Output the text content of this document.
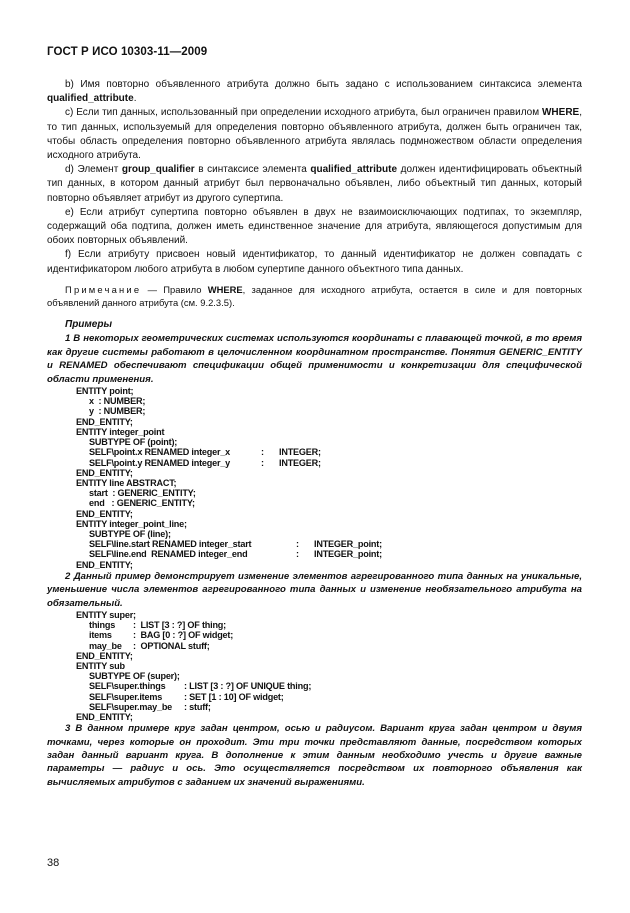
ГОСТ Р ИСО 10303-11—2009

b) Имя повторно объявленного атрибута должно быть задано с использованием синтаксиса элемента qualified_attribute.

c) Если тип данных, использованный при определении исходного атрибута, был ограничен правилом WHERE, то тип данных, используемый для определения повторно объявленного атрибута, должен быть ограничен так, чтобы область определения повторно объявленного атрибута являлась подмножеством области определения исходного атрибута.

d) Элемент group_qualifier в синтаксисе элемента qualified_attribute должен идентифицировать объектный тип данных, в котором данный атрибут был первоначально объявлен, либо объектный тип данных, который повторно объявляет атрибут из другого супертипа.

e) Если атрибут супертипа повторно объявлен в двух не взаимоисключающих подтипах, то экземпляр, содержащий оба подтипа, должен иметь единственное значение для атрибута, являющегося допустимым для обоих повторных объявлений.

f) Если атрибуту присвоен новый идентификатор, то данный идентификатор не должен совпадать с идентификатором любого атрибута в любом супертипе данного объектного типа данных.

Примечание — Правило WHERE, заданное для исходного атрибута, остается в силе и для повторных объявлений данного атрибута (см. 9.2.3.5).

Примеры

1 В некоторых геометрических системах используются координаты с плавающей точкой, в то время как другие системы работают в целочисленном координатном пространстве. Понятия GENERIC_ENTITY и RENAMED обеспечивают спецификации общей применимости и конкретизации для специфической области применения.

ENTITY point;
x  : NUMBER;
y  : NUMBER;
END_ENTITY;
ENTITY integer_point
SUBTYPE OF (point);
SELF\point.x RENAMED integer_x	: INTEGER;
SELF\point.y RENAMED integer_y	: INTEGER;
END_ENTITY;
ENTITY line ABSTRACT;
start  : GENERIC_ENTITY;
end   : GENERIC_ENTITY;
END_ENTITY;
ENTITY integer_point_line;
SUBTYPE OF (line);
SELF\line.start RENAMED integer_start	: INTEGER_point;
SELF\line.end  RENAMED integer_end	: INTEGER_point;
END_ENTITY;

2 Данный пример демонстрирует изменение элементов агрегированного типа данных на уникальные, уменьшение числа элементов агрегированного типа данных и изменение необязательного атрибута на обязательный.

ENTITY super;
things :  LIST [3 : ?] OF thing;
items :  BAG [0 : ?] OF widget;
may_be :  OPTIONAL stuff;
END_ENTITY;
ENTITY sub
SUBTYPE OF (super);
SELF\super.things : LIST [3 : ?] OF UNIQUE thing;
SELF\super.items : SET [1 : 10] OF widget;
SELF\super.may_be : stuff;
END_ENTITY;

3 В данном примере круг задан центром, осью и радиусом. Вариант круга задан центром и двумя точками, через которые он проходит. Эти три точки представляют данные, посредством которых задан данный вариант круга. В дополнение к этим данным необходимо учесть и другие важные параметры — радиус и ось. Это осуществляется посредством их повторного объявления как вычисляемых атрибутов с заданием их значений выражениями.

38
